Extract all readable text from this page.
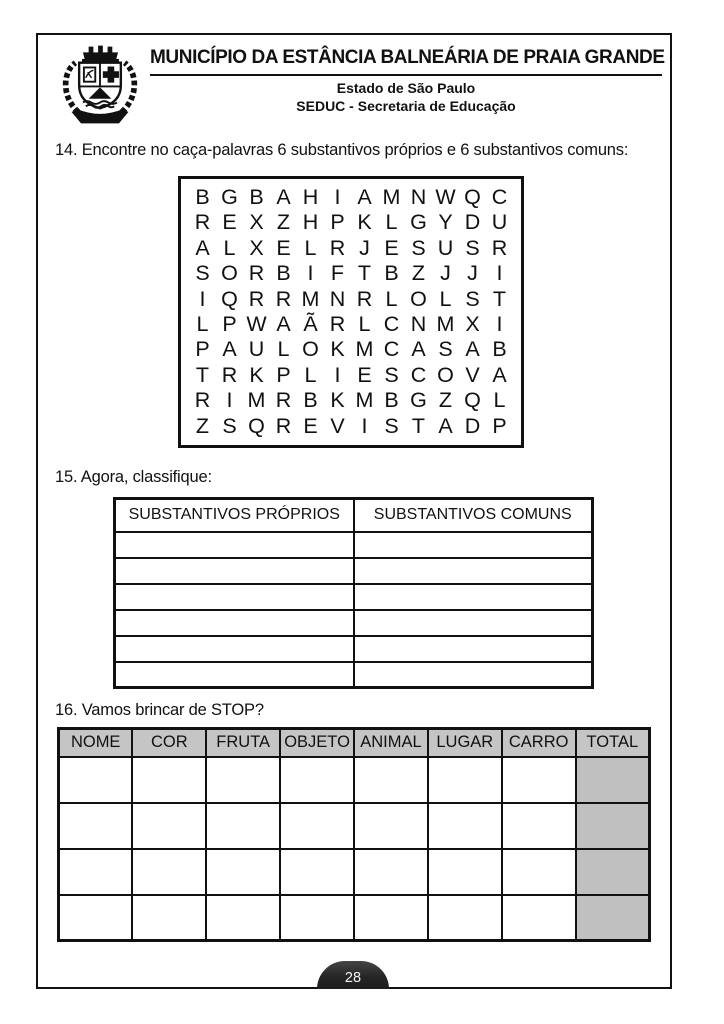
MUNICÍPIO DA ESTÂNCIA BALNEÁRIA DE PRAIA GRANDE
Estado de São Paulo
SEDUC - Secretaria de Educação
14. Encontre no caça-palavras 6 substantivos próprios e 6 substantivos comuns:
B G B A H I A M N W Q C
R E X Z H P K L G Y D U
A L X E L R J E S U S R
S O R B I F T B Z J J I
I Q R R M N R L O L S T
L P W A Ã R L C N M X I
P A U L O K M C A S A B
T R K P L I E S C O V A
R I M R B K M B G Z Q L
Z S Q R E V I S T A D P
15. Agora, classifique:
SUBSTANTIVOS PRÓPRIOS	SUBSTANTIVOS COMUNS

16. Vamos brincar de STOP?
NOME	COR	FRUTA	OBJETO	ANIMAL	LUGAR	CARRO	TOTAL

28
